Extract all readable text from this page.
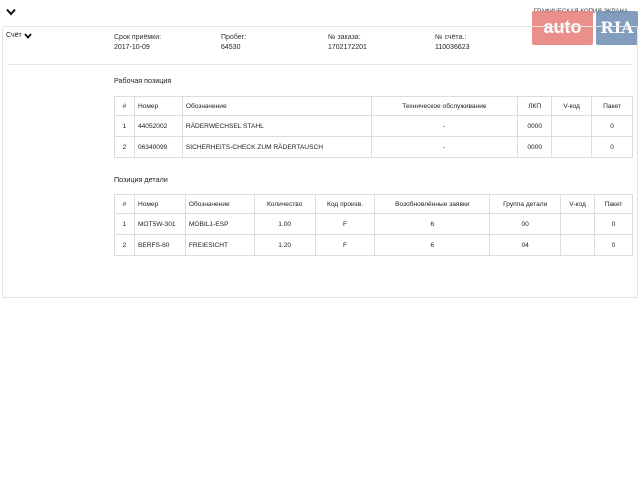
auto	RIA
Счёт	Срок приёмки:
2017-10-09
Пробег:
64530
№ заказа:
1702172201
№ счёта.:
110036623
Рабочая позиция
#	Номер	Обозначение	Техническое обслуживание	ЛКП	V-код	Пакет
1	44052002	RÄDERWECHSEL STAHL	-	0000		0
2	06340099	SICHERHEITS-CHECK ZUM RÄDERTAUSCH	-	0000		0
Позиция детали
#	Номер	Обозначение	Количество	Код произв.	Возобновлённые заявки	Группа детали	V-код	Пакет
1	MOT5W-301	MOBIL1-ESP	1.00	F	6	00		0
2	BERFS-60	FREIESICHT	1.20	F	6	04		0
